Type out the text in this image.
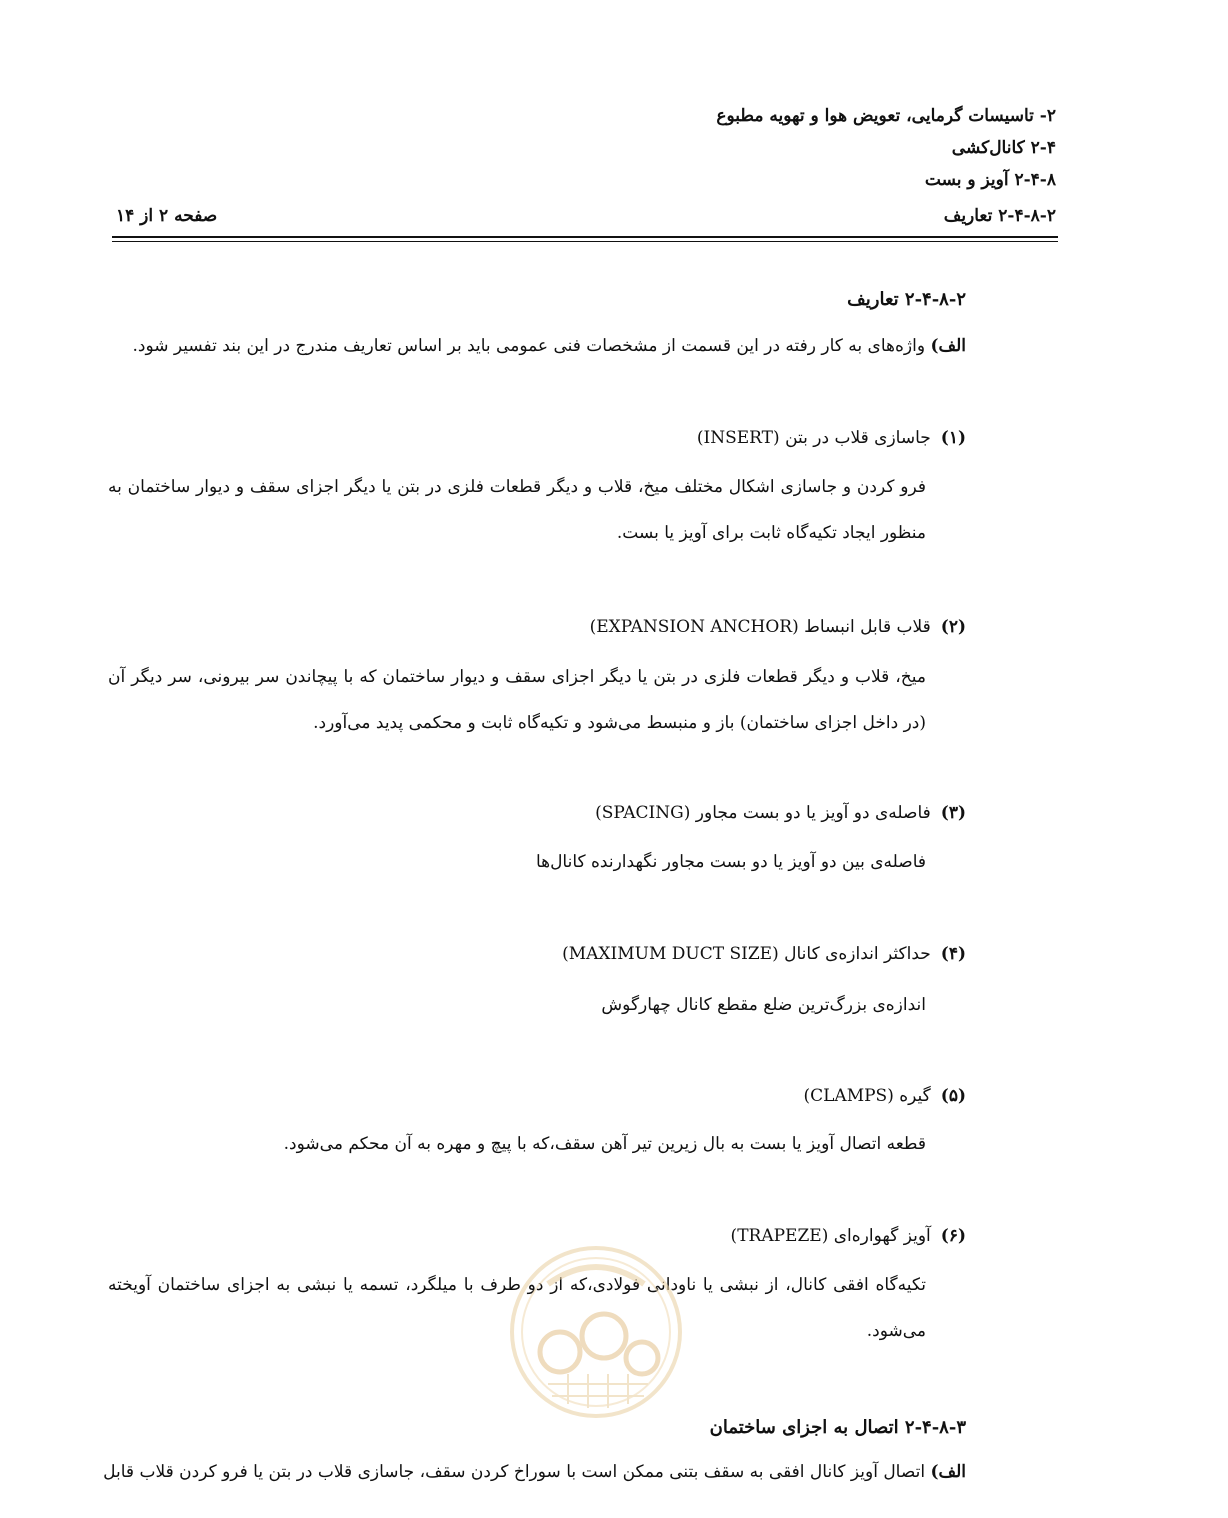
۲- تاسیسات گرمایی، تعویض هوا و تهویه مطبوع
۲-۴ کانال‌کشی
۲-۴-۸ آویز و بست
۲-۴-۸-۲ تعاریف
صفحه ۲ از ۱۴
۲-۴-۸-۲ تعاریف
الف) واژه‌های به کار رفته در این قسمت از مشخصات فنی عمومی باید بر اساس تعاریف مندرج در این بند تفسیر شود.
(۱)جاسازی قلاب در بتن (INSERT)
فرو کردن و جاسازی اشکال مختلف میخ، قلاب و دیگر قطعات فلزی در بتن یا دیگر اجزای سقف و دیوار ساختمان به منظور ایجاد تکیه‌گاه ثابت برای آویز یا بست.
(۲)قلاب قابل انبساط (EXPANSION ANCHOR)
میخ، قلاب و دیگر قطعات فلزی در بتن یا دیگر اجزای سقف و دیوار ساختمان که با پیچاندن سر بیرونی، سر دیگر آن (در داخل اجزای ساختمان) باز و منبسط می‌شود و تکیه‌گاه ثابت و محکمی پدید می‌آورد.
(۳)فاصله‌ی دو آویز یا دو بست مجاور (SPACING)
فاصله‌ی بین دو آویز یا دو بست مجاور نگهدارنده کانال‌ها
(۴)حداکثر اندازه‌ی کانال (MAXIMUM DUCT SIZE)
اندازه‌ی بزرگ‌ترین ضلع مقطع کانال چهارگوش
(۵)گیره (CLAMPS)
قطعه اتصال آویز یا بست به بال زیرین تیر آهن سقف،که با پیچ و مهره به آن محکم می‌شود.
(۶)آویز گهواره‌ای (TRAPEZE)
تکیه‌گاه افقی کانال، از نبشی یا ناودانی فولادی،که از دو طرف با میلگرد، تسمه یا نبشی به اجزای ساختمان آویخته می‌شود.
۲-۴-۸-۳ اتصال به اجزای ساختمان
الف) اتصال آویز کانال افقی به سقف بتنی ممکن است با سوراخ کردن سقف، جاسازی قلاب در بتن یا فرو کردن قلاب قابل
